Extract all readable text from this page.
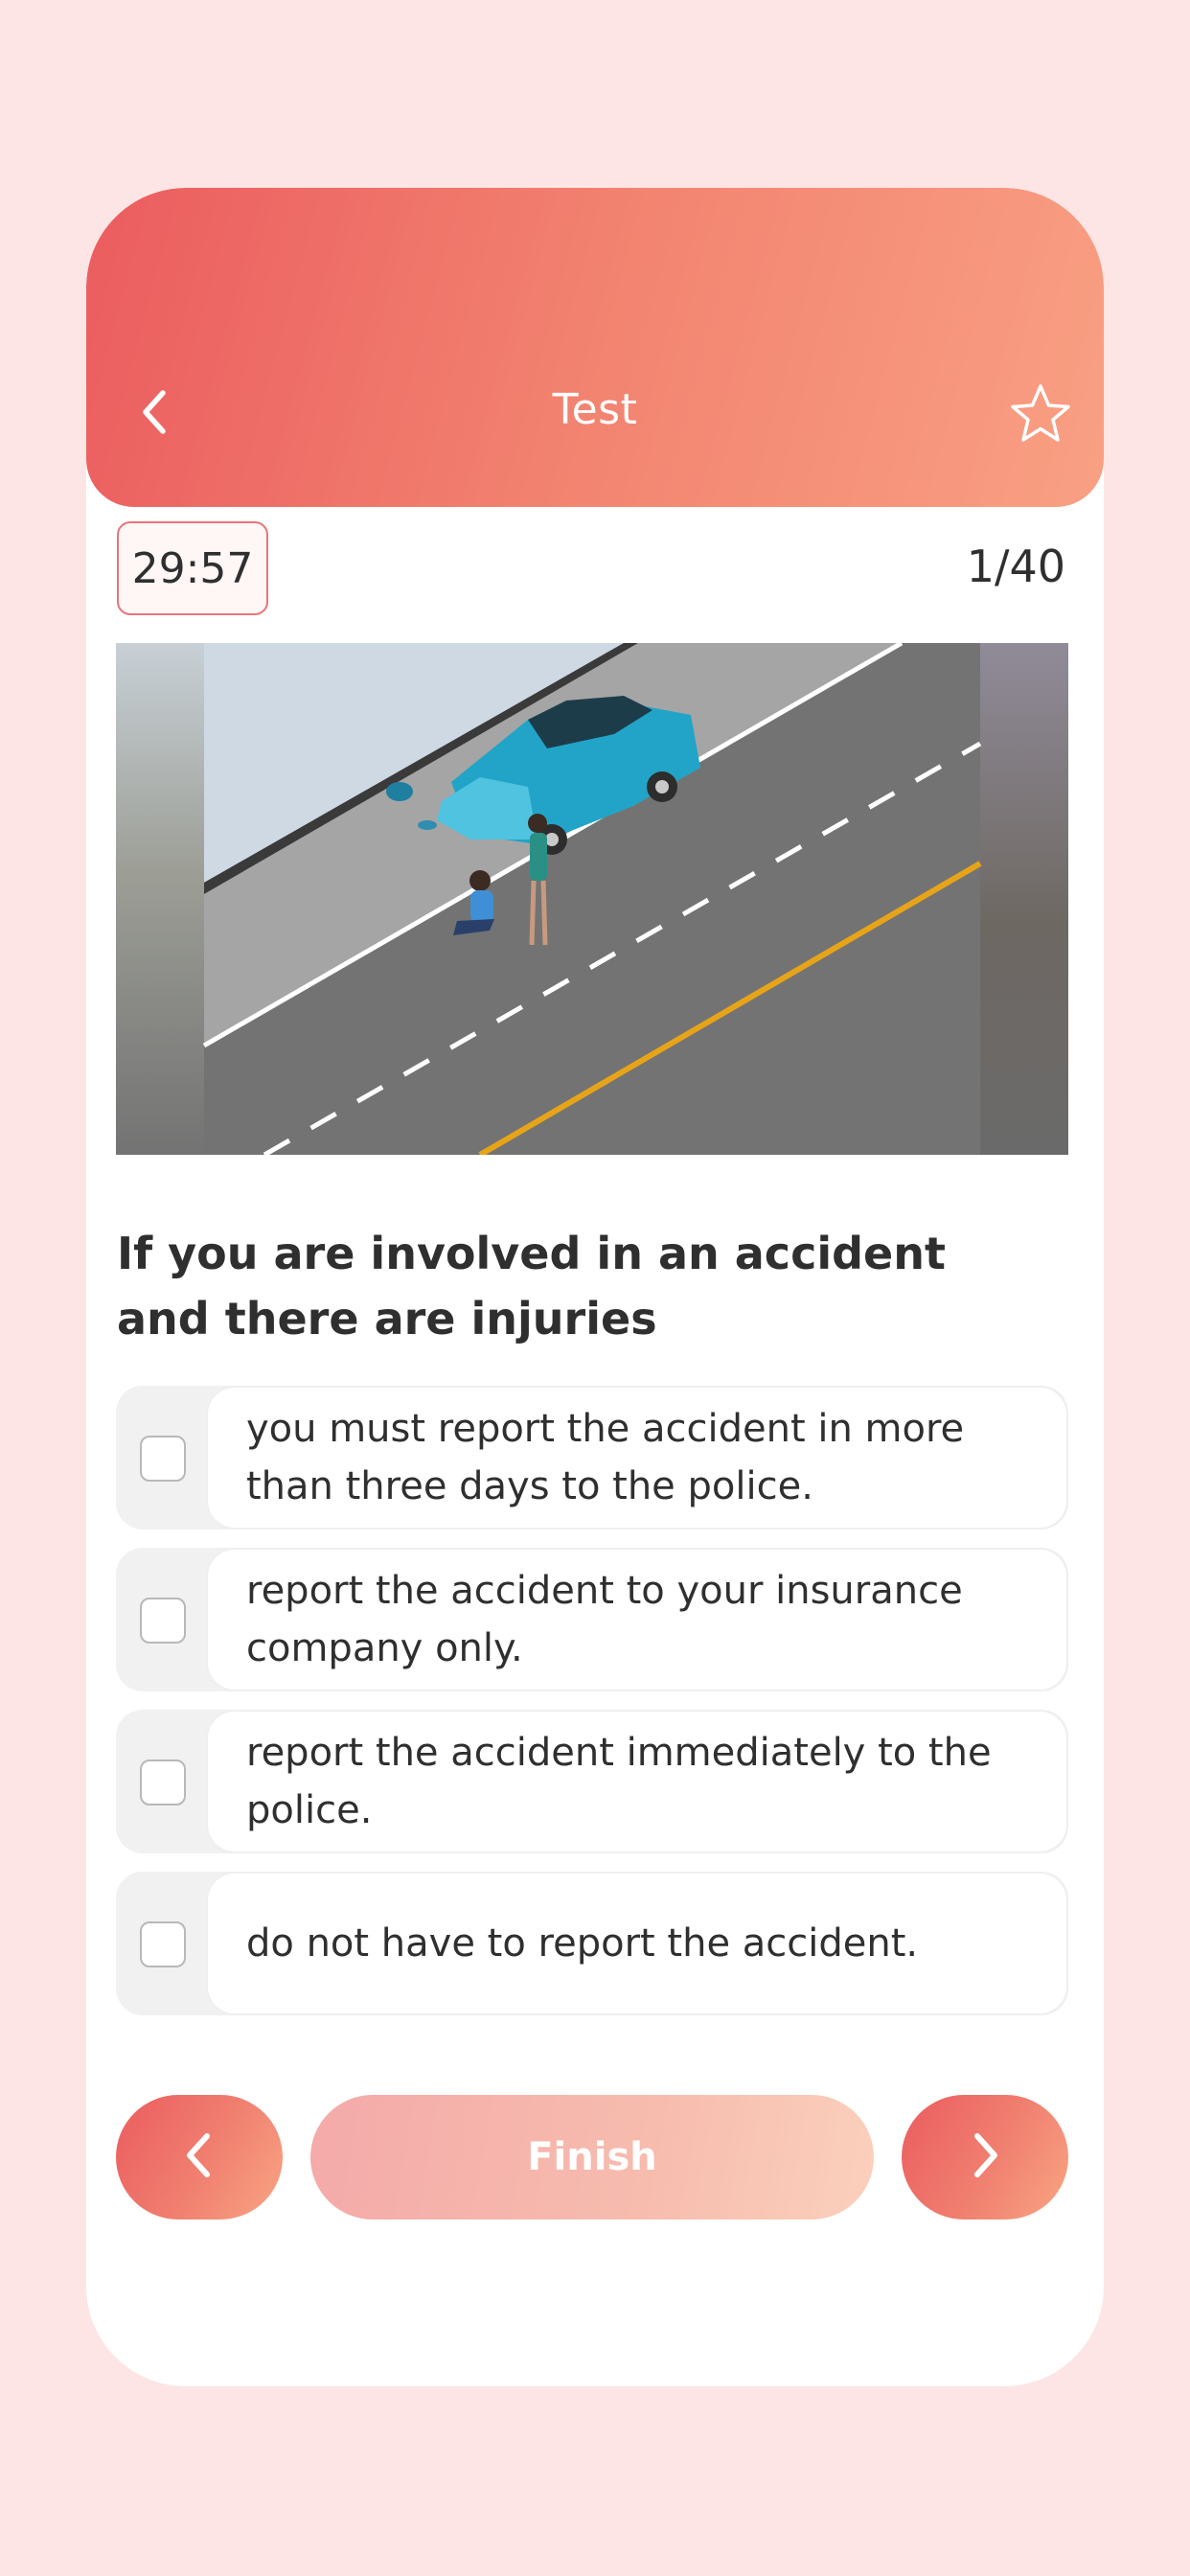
Test
29:57	1/40
If you are involved in an accident and there are injuries
you must report the accident in more than three days to the police.
report the accident to your insurance company only.
report the accident immediately to the police.
do not have to report the accident.
Finish
